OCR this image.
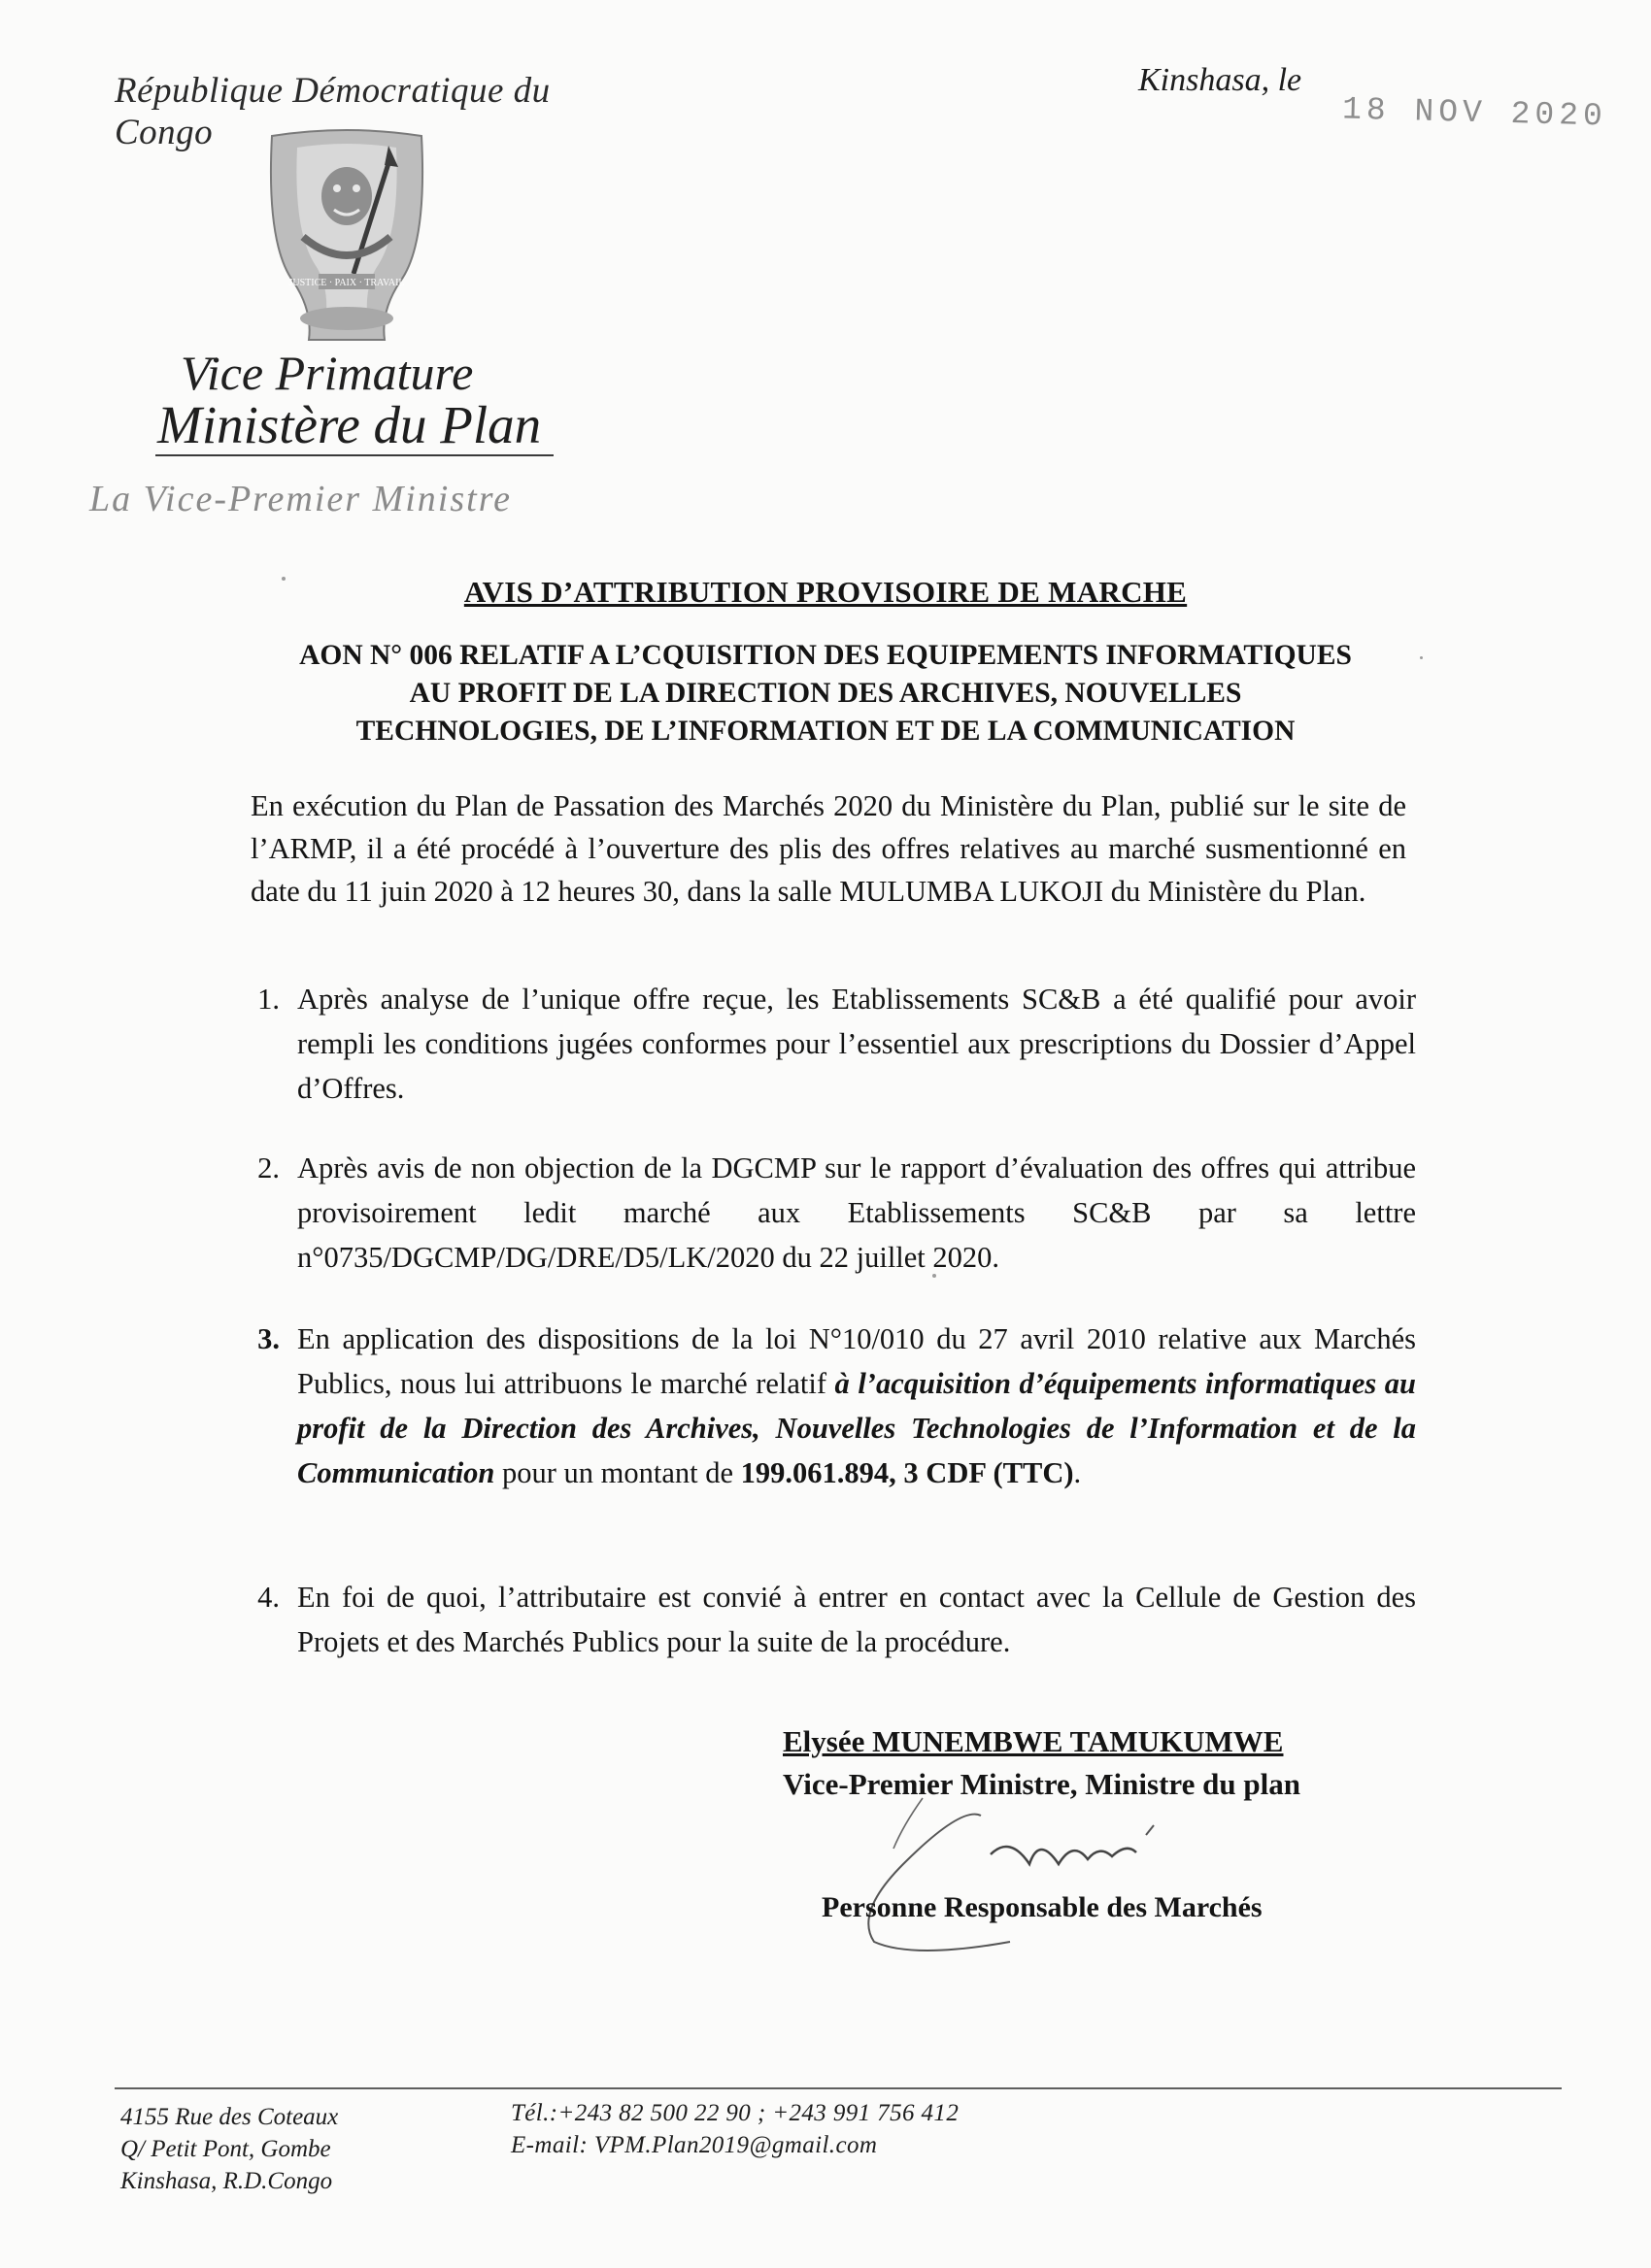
République Démocratique du Congo
Kinshasa, le
18 NOV 2020
JUSTICE · PAIX · TRAVAIL
Vice Primature
Ministère du Plan
La Vice-Premier Ministre
AVIS D’ATTRIBUTION PROVISOIRE DE MARCHE
AON N° 006 RELATIF A L’CQUISITION DES EQUIPEMENTS INFORMATIQUES
AU PROFIT DE LA DIRECTION DES ARCHIVES, NOUVELLES
TECHNOLOGIES, DE L’INFORMATION ET DE LA COMMUNICATION
En exécution du Plan de Passation des Marchés 2020 du Ministère du Plan, publié sur le site de l’ARMP, il a été procédé à l’ouverture des plis des offres relatives au marché susmentionné en date du 11 juin 2020 à 12 heures 30, dans la salle MULUMBA LUKOJI du Ministère du Plan.
1. Après analyse de l’unique offre reçue, les Etablissements SC&B a été qualifié pour avoir rempli les conditions jugées conformes pour l’essentiel aux prescriptions du Dossier d’Appel d’Offres.
2. Après avis de non objection de la DGCMP sur le rapport d’évaluation des offres qui attribue provisoirement ledit marché aux Etablissements SC&B par sa lettre n°0735/DGCMP/DG/DRE/D5/LK/2020 du 22 juillet 2020.
3. En application des dispositions de la loi N°10/010 du 27 avril 2010 relative aux Marchés Publics, nous lui attribuons le marché relatif à l’acquisition d’équipements informatiques au profit de la Direction des Archives, Nouvelles Technologies de l’Information et de la Communication pour un montant de 199.061.894, 3 CDF (TTC).
4. En foi de quoi, l’attributaire est convié à entrer en contact avec la Cellule de Gestion des Projets et des Marchés Publics pour la suite de la procédure.
Elysée MUNEMBWE TAMUKUMWE
Vice-Premier Ministre, Ministre du plan
Personne Responsable des Marchés
4155 Rue des Coteaux
Q/ Petit Pont, Gombe
Kinshasa, R.D.Congo
Tél.:+243 82 500 22 90 ; +243 991 756 412
E-mail: VPM.Plan2019@gmail.com
